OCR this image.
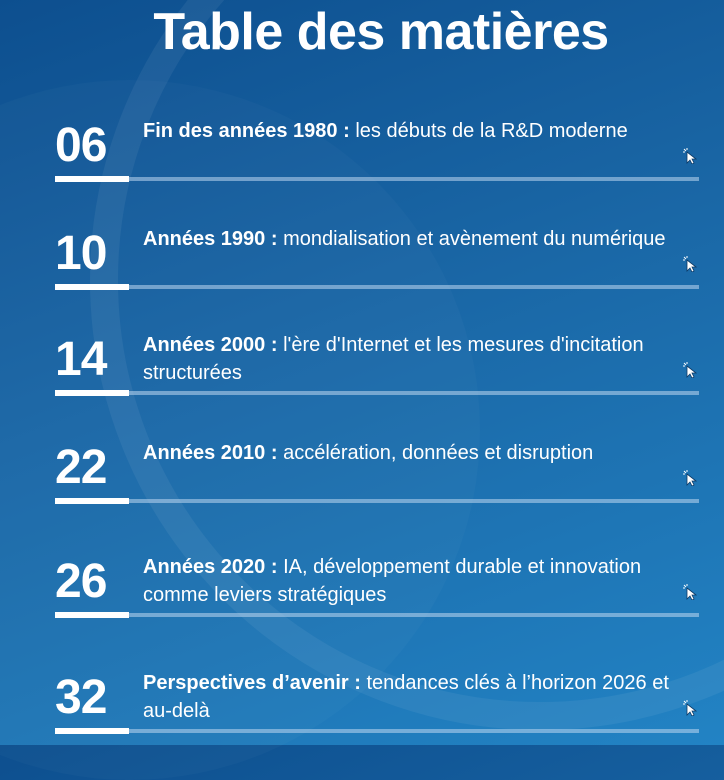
Table des matières
06	Fin des années 1980 : les débuts de la R&D moderne
10	Années 1990 : mondialisation et avènement du numérique
14	Années 2000 : l'ère d'Internet et les mesures d'incitation structurées
22	Années 2010 : accélération, données et disruption
26	Années 2020 : IA, développement durable et innovation comme leviers stratégiques
32	Perspectives d’avenir : tendances clés à l’horizon 2026 et au-delà
